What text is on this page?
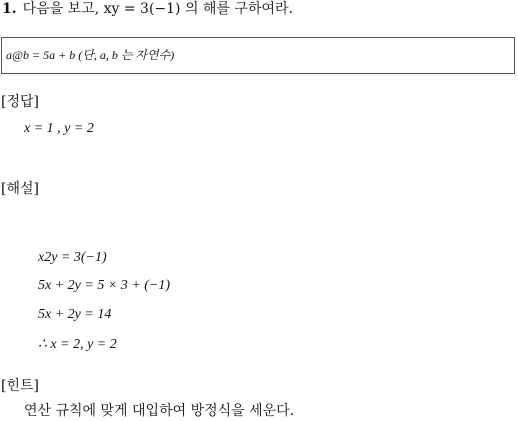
1. 다음을 보고, xy = 3(−1) 의 해를 구하여라.
a@b = 5a + b (단, a, b 는 자연수)
[정답]
x = 1 , y = 2
[해설]
x2y = 3(−1)
5x + 2y = 5 × 3 + (−1)
5x + 2y = 14
∴ x = 2, y = 2
[힌트]
연산 규칙에 맞게 대입하여 방정식을 세운다.
